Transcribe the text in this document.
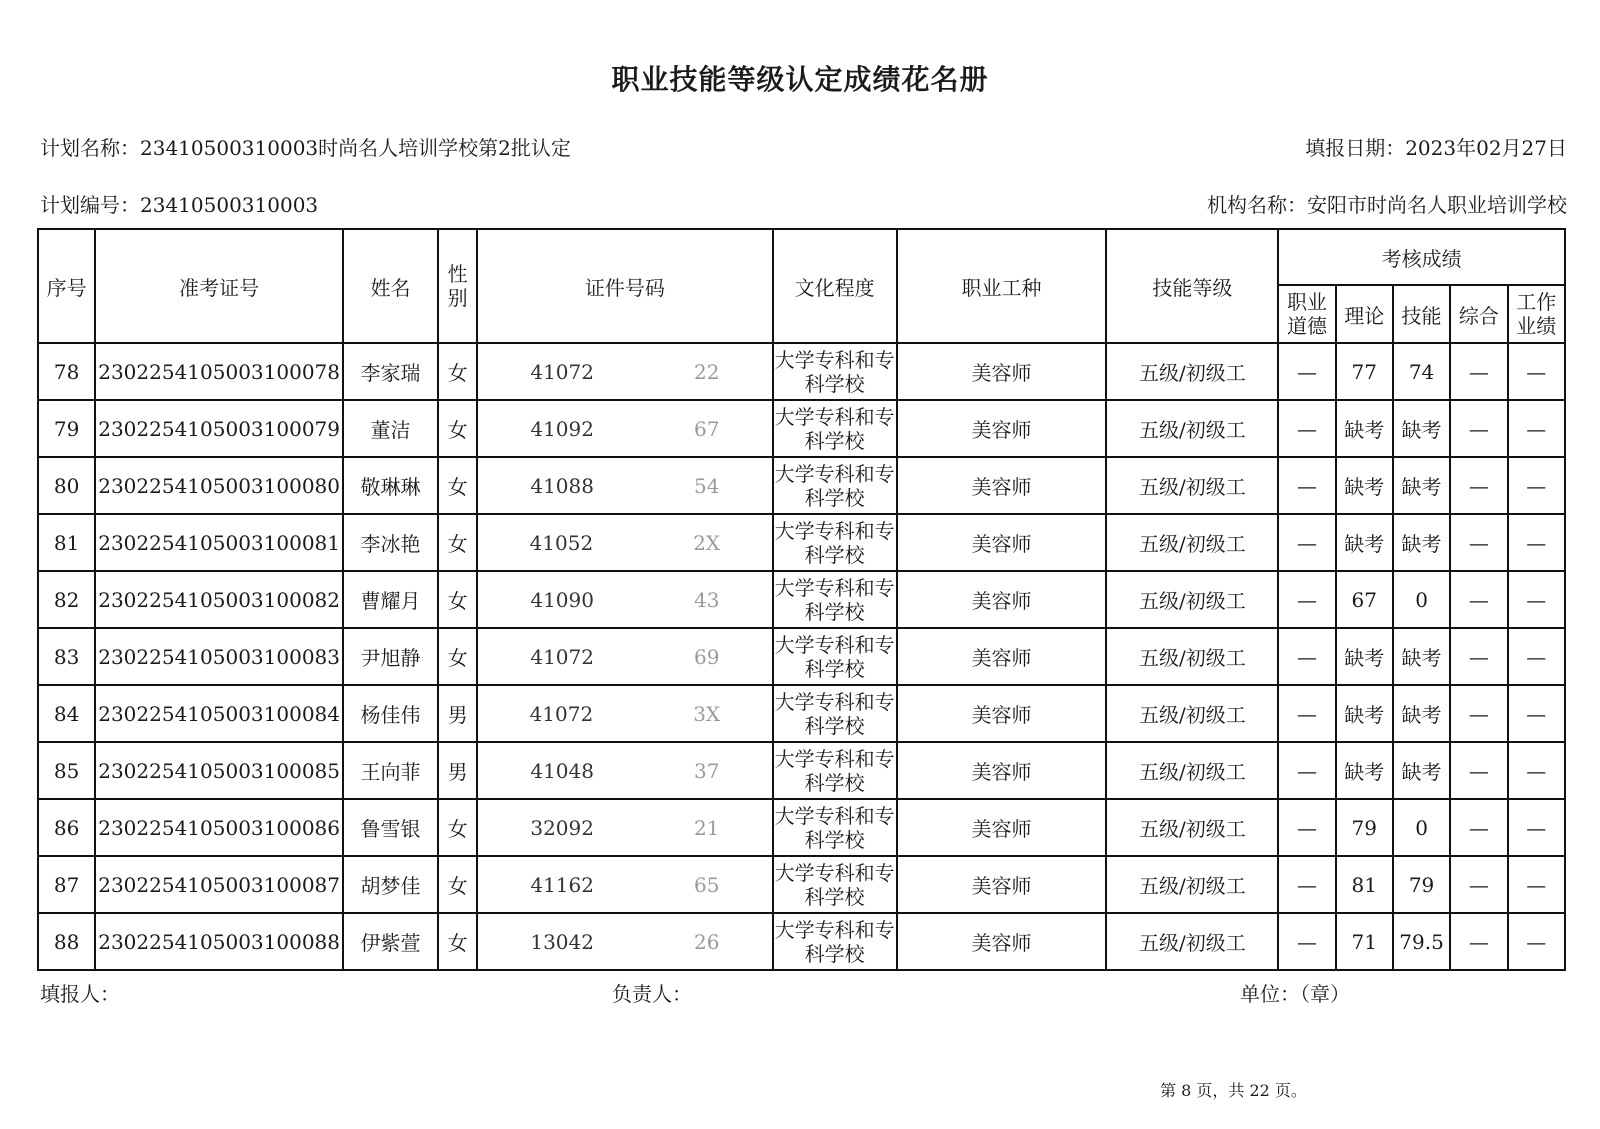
职业技能等级认定成绩花名册
计划名称：23410500310003时尚名人培训学校第2批认定	填报日期：2023年02月27日
计划编号：23410500310003	机构名称：安阳市时尚名人职业培训学校
序号	准考证号	姓名	性别	证件号码	文化程度	职业工种	技能等级	考核成绩				
								职业道德	理论	技能	综合	工作业绩
78	2302254105003100078	李家瑞	女	41072 22	大学专科和专科学校	美容师	五级/初级工	—	77	74	—	—
79	2302254105003100079	董洁	女	41092 67	大学专科和专科学校	美容师	五级/初级工	—	缺考	缺考	—	—
80	2302254105003100080	敬琳琳	女	41088 54	大学专科和专科学校	美容师	五级/初级工	—	缺考	缺考	—	—
81	2302254105003100081	李冰艳	女	41052 2X	大学专科和专科学校	美容师	五级/初级工	—	缺考	缺考	—	—
82	2302254105003100082	曹耀月	女	41090 43	大学专科和专科学校	美容师	五级/初级工	—	67	0	—	—
83	2302254105003100083	尹旭静	女	41072 69	大学专科和专科学校	美容师	五级/初级工	—	缺考	缺考	—	—
84	2302254105003100084	杨佳伟	男	41072 3X	大学专科和专科学校	美容师	五级/初级工	—	缺考	缺考	—	—
85	2302254105003100085	王向菲	男	41048 37	大学专科和专科学校	美容师	五级/初级工	—	缺考	缺考	—	—
86	2302254105003100086	鲁雪银	女	32092 21	大学专科和专科学校	美容师	五级/初级工	—	79	0	—	—
87	2302254105003100087	胡梦佳	女	41162 65	大学专科和专科学校	美容师	五级/初级工	—	81	79	—	—
88	2302254105003100088	伊紫萱	女	13042 26	大学专科和专科学校	美容师	五级/初级工	—	71	79.5	—	—
填报人：	负责人：	单位：（章）
第 8 页，共 22 页。
